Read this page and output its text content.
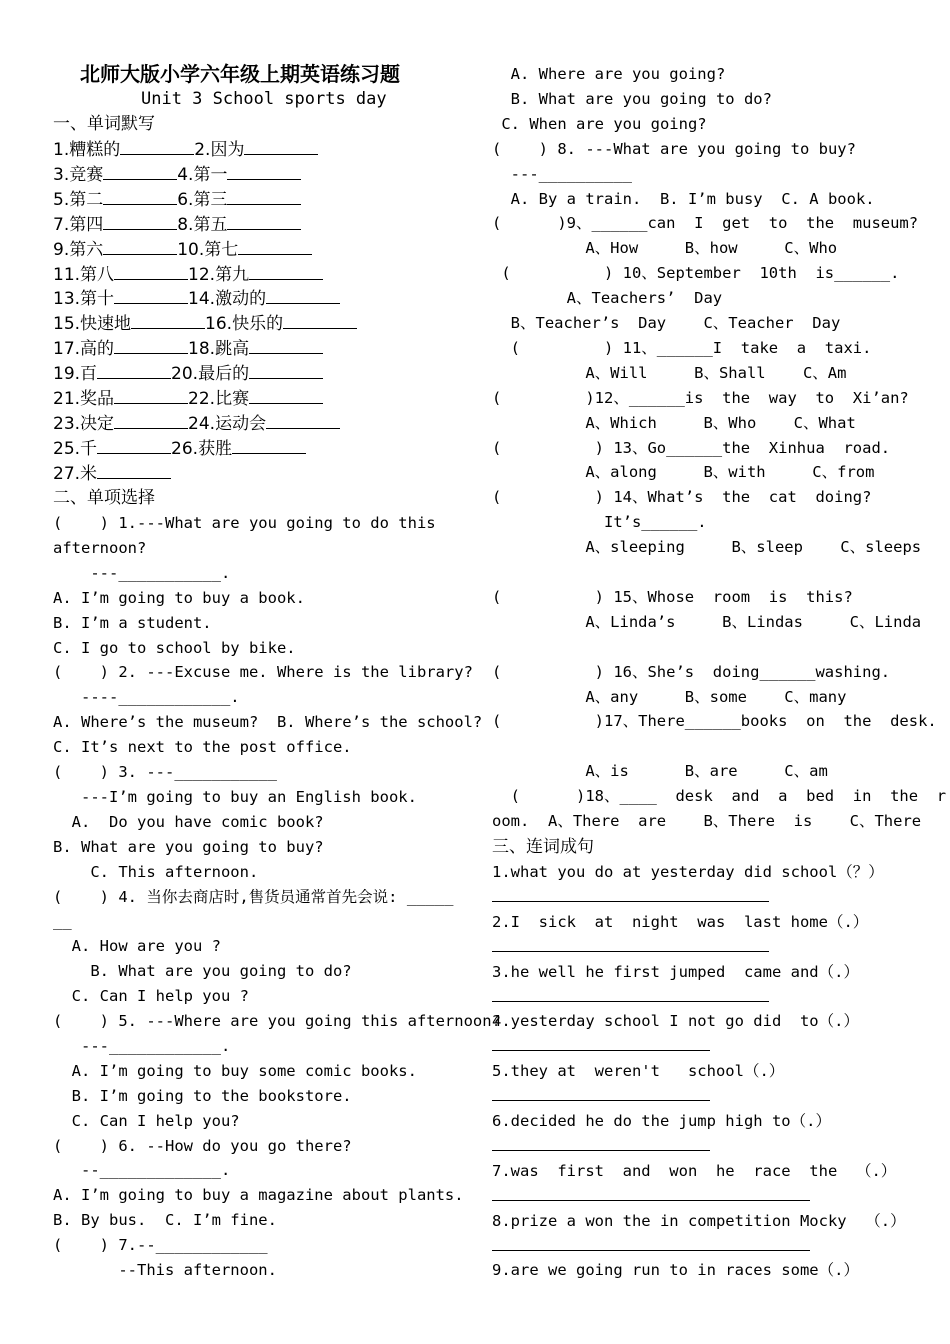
北师大版小学六年级上期英语练习题
Unit 3 School sports day
一、单词默写
1.糟糕的	2.因为
3.竞赛	4.第一
5.第二	6.第三
7.第四	8.第五
9.第六	10.第七
11.第八	12.第九
13.第十	14.激动的
15.快速地	16.快乐的
17.高的	18.跳高
19.百	20.最后的
21.奖品	22.比赛
23.决定	24.运动会
25.千	26.获胜
27.米
二、单项选择
(    ) 1.---What are you going to do this
afternoon?
---___________.
A. I’m going to buy a book.
B. I’m a student.
C. I go to school by bike.
(    ) 2. ---Excuse me. Where is the library?
----____________.
A. Where’s the museum?  B. Where’s the school?
C. It’s next to the post office.
(    ) 3. ---___________
---I’m going to buy an English book.
A.  Do you have comic book?
B. What are you going to buy?
C. This afternoon.
(    ) 4. 当你去商店时,售货员通常首先会说: _____
__
A. How are you ?
B. What are you going to do?
C. Can I help you ?
(    ) 5. ---Where are you going this afternoon?
---____________.
A. I’m going to buy some comic books.
B. I’m going to the bookstore.
C. Can I help you?
(    ) 6. --How do you go there?
--_____________.
A. I’m going to buy a magazine about plants.
B. By bus.  C. I’m fine.
(    ) 7.--____________
--This afternoon.
A. Where are you going?
B. What are you going to do?
C. When are you going?
(    ) 8. ---What are you going to buy?
---__________
A. By a train.  B. I’m busy  C. A book.
(      )9、______can  I  get  to  the  museum?
A、How     B、how     C、Who
(          ) 10、September  10th  is______.
A、Teachers’  Day
B、Teacher’s  Day    C、Teacher  Day
(         ) 11、______I  take  a  taxi.
A、Will     B、Shall    C、Am
(         )12、______is  the  way  to  Xi’an?
A、Which     B、Who    C、What
(          ) 13、Go______the  Xinhua  road.
A、along     B、with     C、from
(          ) 14、What’s  the  cat  doing?
It’s______.
A、sleeping     B、sleep    C、sleeps
(          ) 15、Whose  room  is  this?
A、Linda’s     B、Lindas     C、Linda
(          ) 16、She’s  doing______washing.
A、any     B、some    C、many
(          )17、There______books  on  the  desk.
A、is      B、are     C、am
(      )18、____  desk  and  a  bed  in  the  r
oom.  A、There  are    B、There  is    C、There
三、连词成句
1.what you do at yesterday did school（？）
2.I  sick  at  night  was  last home（.）
3.he well he first jumped  came and（.）
4.yesterday school I not go did  to（.）
5.they at  weren't   school（.）
6.decided he do the jump high to（.）
7.was  first  and  won  he  race  the  （.）
8.prize a won the in competition Mocky  （.）
9.are we going run to in races some（.）
